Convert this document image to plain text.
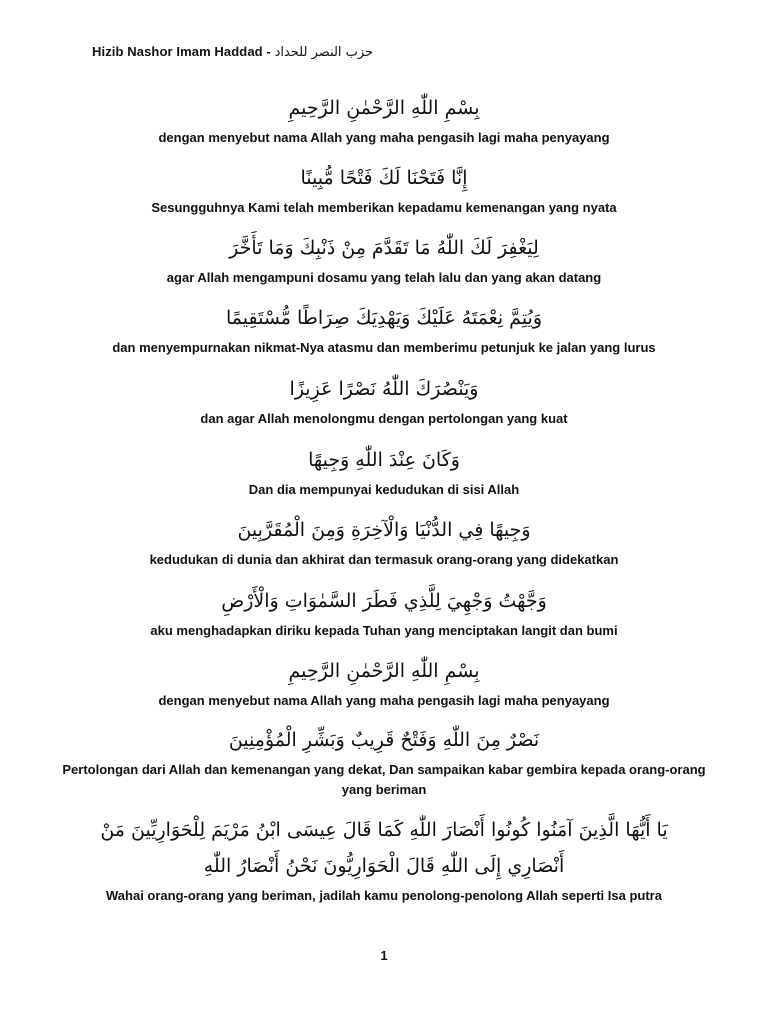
Hizib Nashor Imam Haddad - حزب النصر للحداد
بِسْمِ اللّٰهِ الرَّحْمٰنِ الرَّحِيمِ
dengan menyebut nama Allah yang maha pengasih lagi maha penyayang
إِنَّا فَتَحْنَا لَكَ فَتْحًا مُّبِينًا
Sesungguhnya Kami telah memberikan kepadamu kemenangan yang nyata
لِيَغْفِرَ لَكَ اللّٰهُ مَا تَقَدَّمَ مِنْ ذَنْبِكَ وَمَا تَأَخَّرَ
agar Allah mengampuni dosamu yang telah lalu dan yang akan datang
وَيُتِمَّ نِعْمَتَهُ عَلَيْكَ وَيَهْدِيَكَ صِرَاطًا مُّسْتَقِيمًا
dan menyempurnakan nikmat-Nya atasmu dan memberimu petunjuk ke jalan yang lurus
وَيَنْصُرَكَ اللّٰهُ نَصْرًا عَزِيزًا
dan agar Allah menolongmu dengan pertolongan yang kuat
وَكَانَ عِنْدَ اللّٰهِ وَجِيهًا
Dan dia mempunyai kedudukan di sisi Allah
وَجِيهًا فِي الدُّنْيَا وَالْآخِرَةِ وَمِنَ الْمُقَرَّبِينَ
kedudukan di dunia dan akhirat dan termasuk orang-orang yang didekatkan
وَجَّهْتُ وَجْهِيَ لِلَّذِي فَطَرَ السَّمٰوَاتِ وَالْأَرْضِ
aku menghadapkan diriku kepada Tuhan yang menciptakan langit dan bumi
بِسْمِ اللّٰهِ الرَّحْمٰنِ الرَّحِيمِ
dengan menyebut nama Allah yang maha pengasih lagi maha penyayang
نَصْرٌ مِنَ اللّٰهِ وَفَتْحٌ قَرِيبٌ وَبَشِّرِ الْمُؤْمِنِينَ
Pertolongan dari Allah dan kemenangan yang dekat, Dan sampaikan kabar gembira kepada orang-orang yang beriman
يَا أَيُّهَا الَّذِينَ آمَنُوا كُونُوا أَنْصَارَ اللّٰهِ كَمَا قَالَ عِيسَى ابْنُ مَرْيَمَ لِلْحَوَارِيِّينَ مَنْ أَنْصَارِي إِلَى اللّٰهِ قَالَ الْحَوَارِيُّونَ نَحْنُ أَنْصَارُ اللّٰهِ
Wahai orang-orang yang beriman, jadilah kamu penolong-penolong Allah seperti Isa putra
1
